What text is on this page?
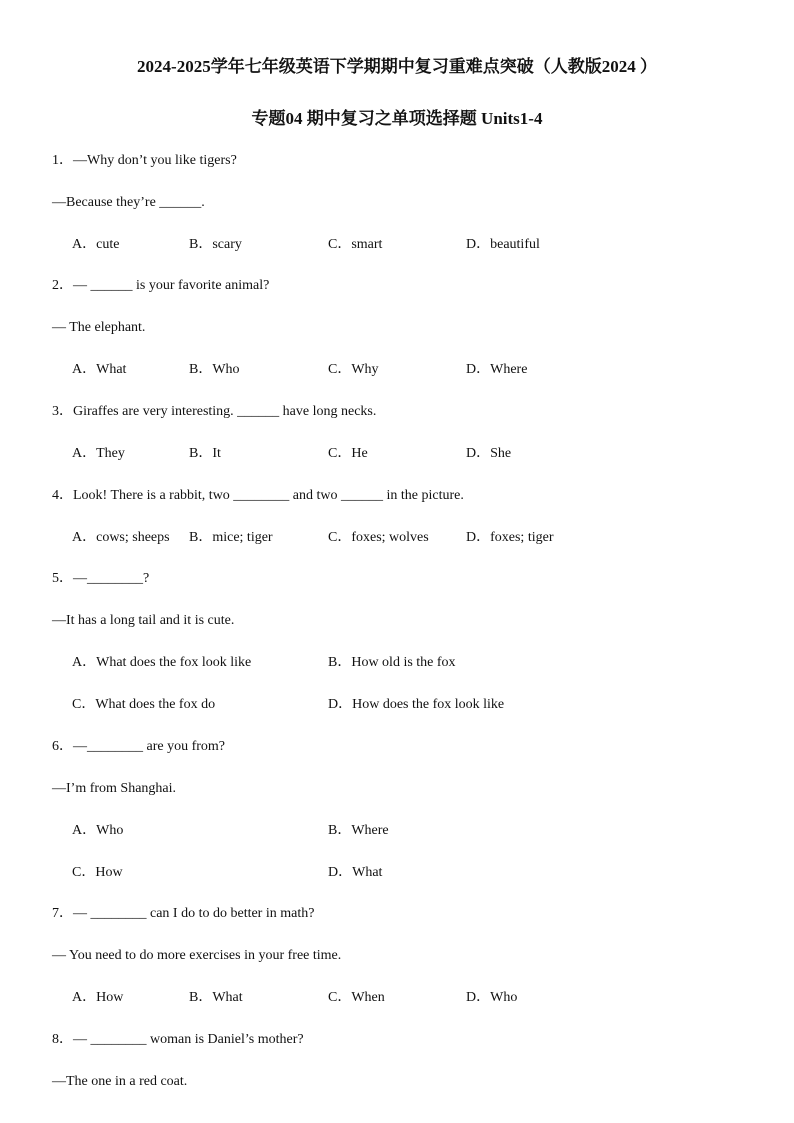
2024-2025学年七年级英语下学期期中复习重难点突破（人教版2024 ）
专题04 期中复习之单项选择题 Units1-4
1．—Why don’t you like tigers?
—Because they’re ______.
A．cute	B．scary	C．smart	D．beautiful
2．— ______ is your favorite animal?
— The elephant.
A．What	B．Who	C．Why	D．Where
3．Giraffes are very interesting. ______ have long necks.
A．They	B．It	C．He	D．She
4．Look! There is a rabbit, two ________ and two ______ in the picture.
A．cows; sheeps B．mice; tiger	C．foxes; wolves	D．foxes; tiger
5．—________?
—It has a long tail and it is cute.
A．What does the fox look like	B．How old is the fox
C．What does the fox do	D．How does the fox look like
6．—________ are you from?
—I’m from Shanghai.
A．Who	B．Where
C．How	D．What
7．— ________ can I do to do better in math?
— You need to do more exercises in your free time.
A．How	B．What	C．When	D．Who
8．— ________ woman is Daniel’s mother?
—The one in a red coat.
